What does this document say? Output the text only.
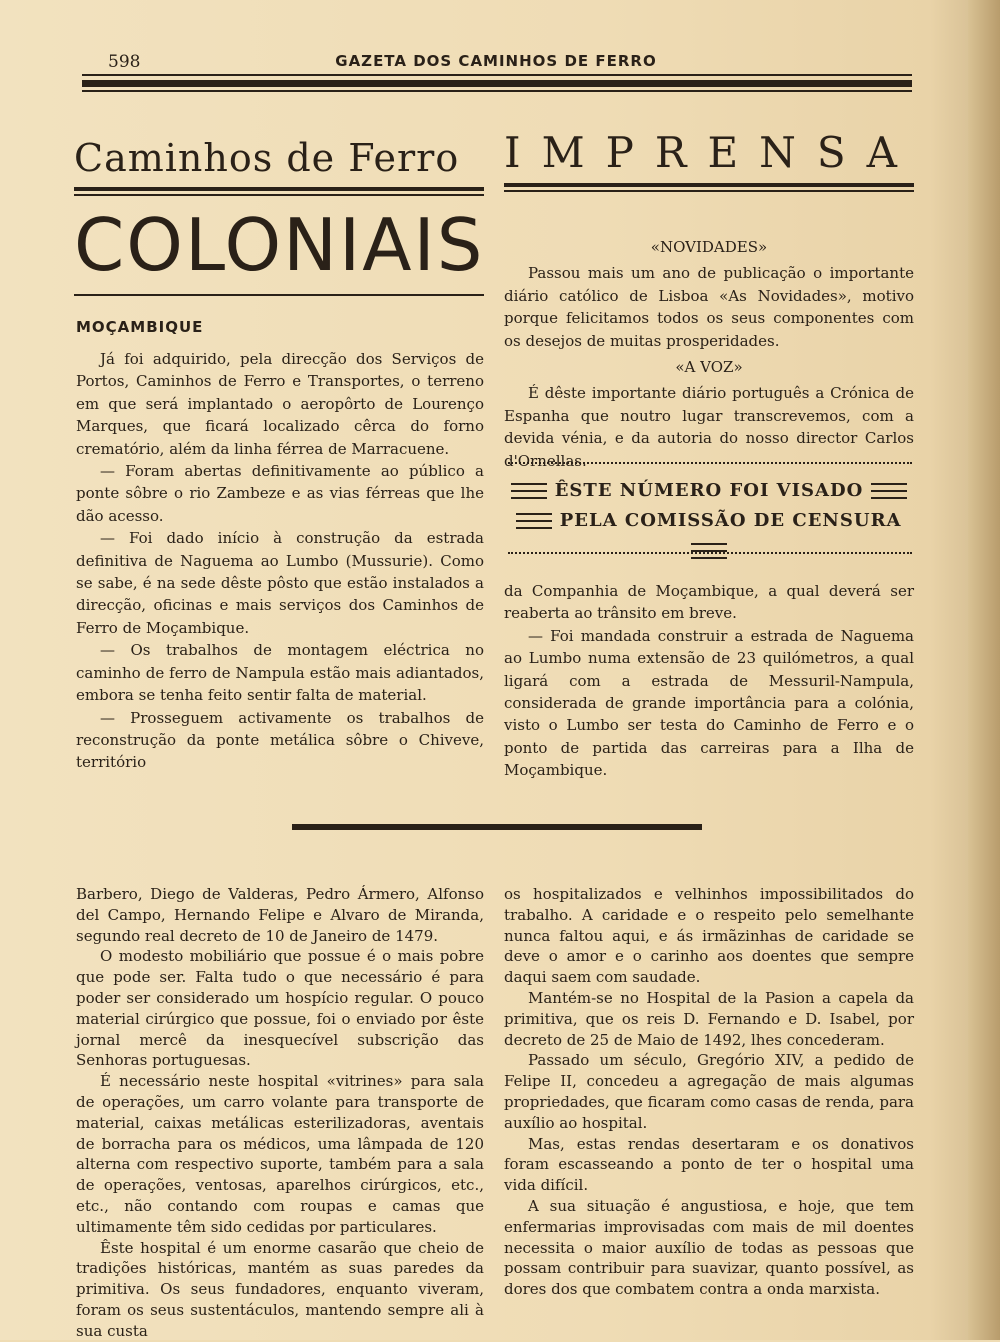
598	GAZETA DOS CAMINHOS DE FERRO
Caminhos de Ferro
COLONIAIS
IMPRENSA
MOÇAMBIQUE

Já foi adquirido, pela direcção dos Serviços de Portos, Caminhos de Ferro e Transportes, o terreno em que será implantado o aeropôrto de Lourenço Marques, que ficará localizado cêrca do forno crematório, além da linha férrea de Marracuene.

— Foram abertas definitivamente ao público a ponte sôbre o rio Zambeze e as vias férreas que lhe dão acesso.

— Foi dado início à construção da estrada definitiva de Naguema ao Lumbo (Mussurie). Como se sabe, é na sede dêste pôsto que estão instalados a direcção, oficinas e mais serviços dos Caminhos de Ferro de Moçambique.

— Os trabalhos de montagem eléctrica no caminho de ferro de Nampula estão mais adiantados, embora se tenha feito sentir falta de material.

— Prosseguem activamente os trabalhos de reconstrução da ponte metálica sôbre o Chiveve, território

«NOVIDADES»

Passou mais um ano de publicação o importante diário católico de Lisboa «As Novidades», motivo porque felicitamos todos os seus componentes com os desejos de muitas prosperidades.

«A VOZ»

É dêste importante diário português a Crónica de Espanha que noutro lugar transcrevemos, com a devida vénia, e da autoria do nosso director Carlos d'Ornellas.

ÊSTE NÚMERO FOI VISADO
PELA COMISSÃO DE CENSURA

da Companhia de Moçambique, a qual deverá ser reaberta ao trânsito em breve.

— Foi mandada construir a estrada de Naguema ao Lumbo numa extensão de 23 quilómetros, a qual ligará com a estrada de Messuril-Nampula, considerada de grande importância para a colónia, visto o Lumbo ser testa do Caminho de Ferro e o ponto de partida das carreiras para a Ilha de Moçambique.

Barbero, Diego de Valderas, Pedro Ármero, Alfonso del Campo, Hernando Felipe e Alvaro de Miranda, segundo real decreto de 10 de Janeiro de 1479.

O modesto mobiliário que possue é o mais pobre que pode ser. Falta tudo o que necessário é para poder ser considerado um hospício regular. O pouco material cirúrgico que possue, foi o enviado por êste jornal mercê da inesquecível subscrição das Senhoras portuguesas.

É necessário neste hospital «vitrines» para sala de operações, um carro volante para transporte de material, caixas metálicas esterilizadoras, aventais de borracha para os médicos, uma lâmpada de 120 alterna com respectivo suporte, também para a sala de operações, ventosas, aparelhos cirúrgicos, etc., etc., não contando com roupas e camas que ultimamente têm sido cedidas por particulares.

Êste hospital é um enorme casarão que cheio de tradições históricas, mantém as suas paredes da primitiva. Os seus fundadores, enquanto viveram, foram os seus sustentáculos, mantendo sempre ali à sua custa

os hospitalizados e velhinhos impossibilitados do trabalho. A caridade e o respeito pelo semelhante nunca faltou aqui, e ás irmãzinhas de caridade se deve o amor e o carinho aos doentes que sempre daqui saem com saudade.

Mantém-se no Hospital de la Pasion a capela da primitiva, que os reis D. Fernando e D. Isabel, por decreto de 25 de Maio de 1492, lhes concederam.

Passado um século, Gregório XIV, a pedido de Felipe II, concedeu a agregação de mais algumas propriedades, que ficaram como casas de renda, para auxílio ao hospital.

Mas, estas rendas desertaram e os donativos foram escasseando a ponto de ter o hospital uma vida difícil.

A sua situação é angustiosa, e hoje, que tem enfermarias improvisadas com mais de mil doentes necessita o maior auxílio de todas as pessoas que possam contribuir para suavizar, quanto possível, as dores dos que combatem contra a onda marxista.
